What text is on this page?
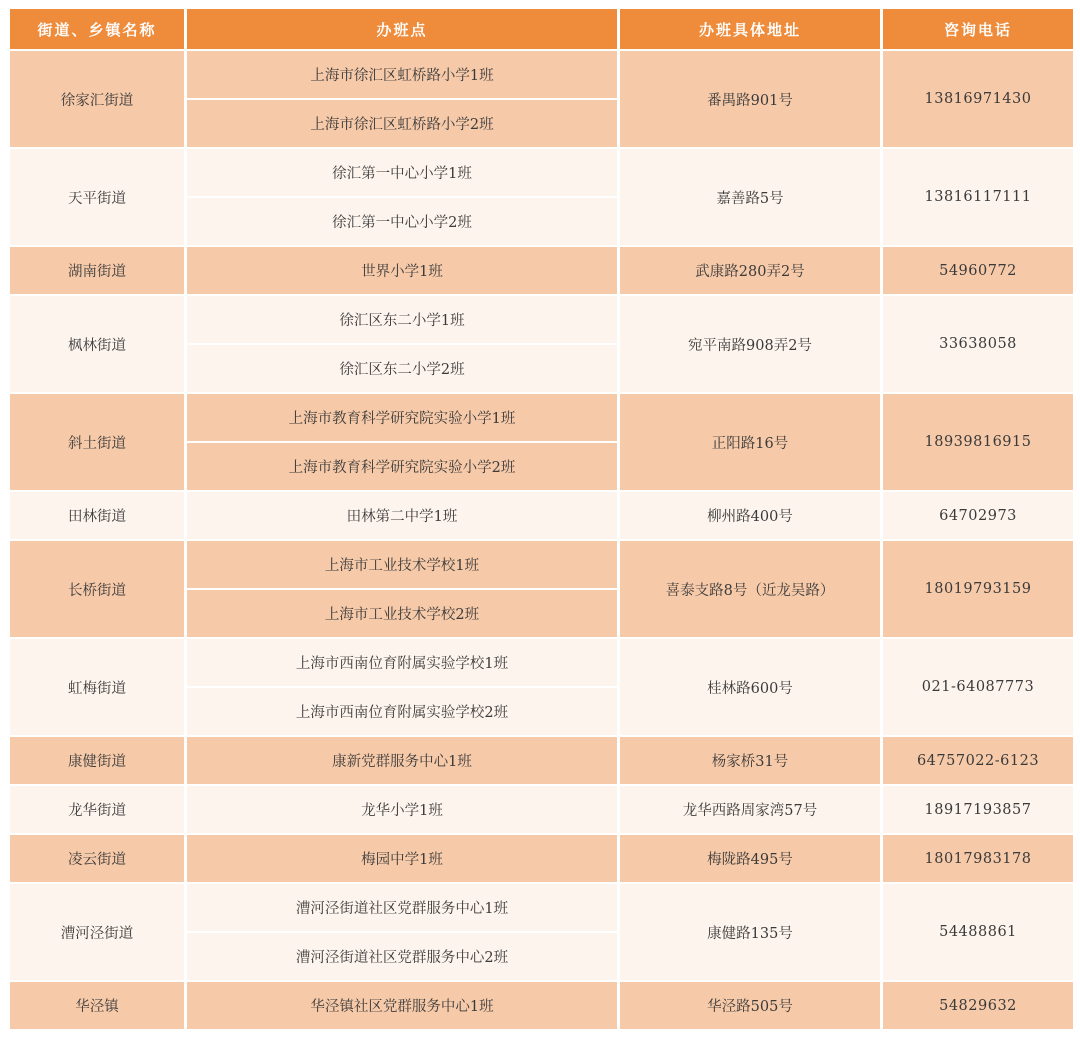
街道、乡镇名称	办班点	办班具体地址	咨询电话
徐家汇街道	上海市徐汇区虹桥路小学1班	番禺路901号	13816971430
	上海市徐汇区虹桥路小学2班		
天平街道	徐汇第一中心小学1班	嘉善路5号	13816117111
	徐汇第一中心小学2班		
湖南街道	世界小学1班	武康路280弄2号	54960772
枫林街道	徐汇区东二小学1班	宛平南路908弄2号	33638058
	徐汇区东二小学2班		
斜土街道	上海市教育科学研究院实验小学1班	正阳路16号	18939816915
	上海市教育科学研究院实验小学2班		
田林街道	田林第二中学1班	柳州路400号	64702973
长桥街道	上海市工业技术学校1班	喜泰支路8号（近龙吴路）	18019793159
	上海市工业技术学校2班		
虹梅街道	上海市西南位育附属实验学校1班	桂林路600号	021-64087773
	上海市西南位育附属实验学校2班		
康健街道	康新党群服务中心1班	杨家桥31号	64757022-6123
龙华街道	龙华小学1班	龙华西路周家湾57号	18917193857
凌云街道	梅园中学1班	梅陇路495号	18017983178
漕河泾街道	漕河泾街道社区党群服务中心1班	康健路135号	54488861
	漕河泾街道社区党群服务中心2班		
华泾镇	华泾镇社区党群服务中心1班	华泾路505号	54829632
